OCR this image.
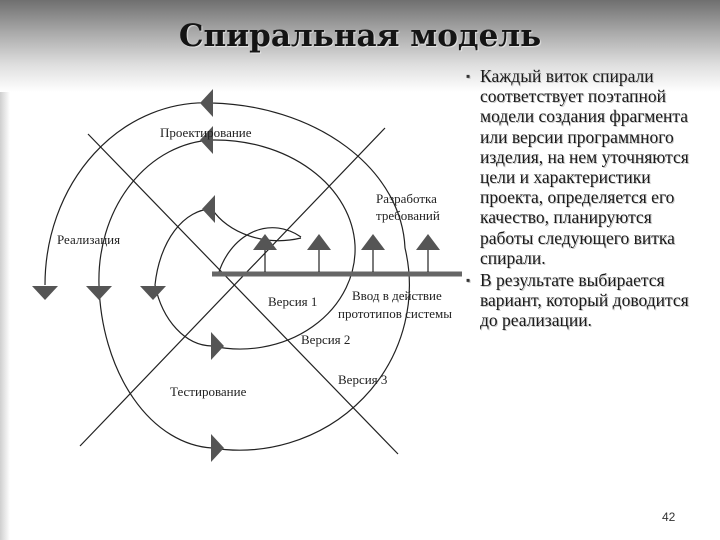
Спиральная модель
Проектирование
Реализация
Тестирование
Разработка
требований
Ввод в действие
прототипов системы
Версия 1
Версия 2
Версия 3
▪ Каждый виток спирали соответствует поэтапной модели создания фрагмента или версии программного изделия, на нем уточняются цели и характеристики проекта, определяется его качество, планируются работы следующего витка спирали.
▪ В результате выбирается вариант, который доводится до реализации.
42
